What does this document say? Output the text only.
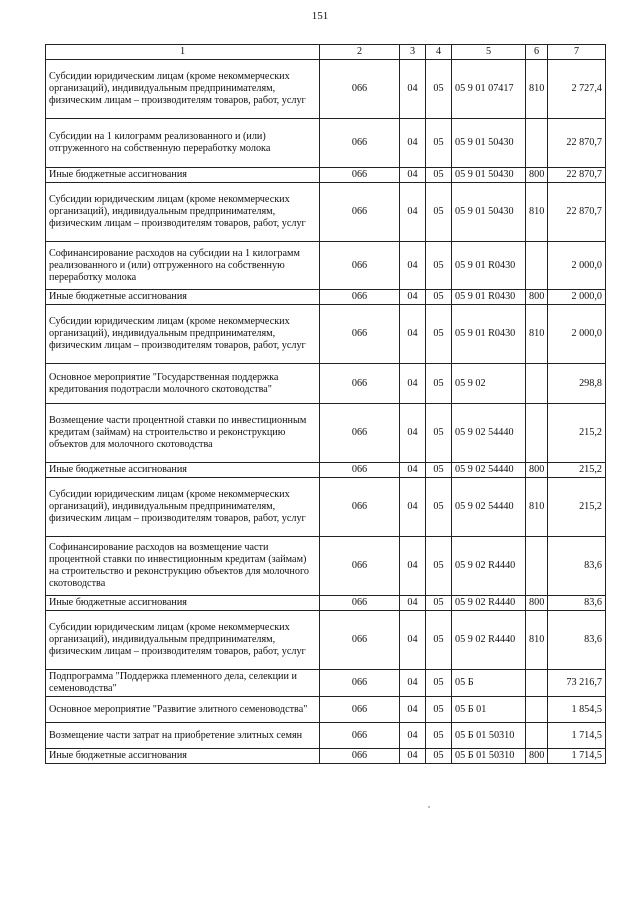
151
1	2	3	4	5	6	7
Субсидии юридическим лицам (кроме некоммерческих организаций), индивидуальным предпринимателям, физическим лицам – производителям товаров, работ, услуг	066	04	05	05 9 01 07417	810	2 727,4
Субсидии на 1 килограмм реализованного и (или) отгруженного на собственную переработку молока	066	04	05	05 9 01 50430		22 870,7
Иные бюджетные ассигнования	066	04	05	05 9 01 50430	800	22 870,7
Субсидии юридическим лицам (кроме некоммерческих организаций), индивидуальным предпринимателям, физическим лицам – производителям товаров, работ, услуг	066	04	05	05 9 01 50430	810	22 870,7
Софинансирование расходов на субсидии на 1 килограмм реализованного и (или) отгруженного на собственную переработку молока	066	04	05	05 9 01 R0430		2 000,0
Иные бюджетные ассигнования	066	04	05	05 9 01 R0430	800	2 000,0
Субсидии юридическим лицам (кроме некоммерческих организаций), индивидуальным предпринимателям, физическим лицам – производителям товаров, работ, услуг	066	04	05	05 9 01 R0430	810	2 000,0
Основное мероприятие "Государственная поддержка кредитования подотрасли молочного скотоводства"	066	04	05	05 9 02		298,8
Возмещение части процентной ставки по инвестиционным кредитам (займам) на строительство и реконструкцию объектов для молочного скотоводства	066	04	05	05 9 02 54440		215,2
Иные бюджетные ассигнования	066	04	05	05 9 02 54440	800	215,2
Субсидии юридическим лицам (кроме некоммерческих организаций), индивидуальным предпринимателям, физическим лицам – производителям товаров, работ, услуг	066	04	05	05 9 02 54440	810	215,2
Софинансирование расходов на возмещение части процентной ставки по инвестиционным кредитам (займам) на строительство и реконструкцию объектов для молочного скотоводства	066	04	05	05 9 02 R4440		83,6
Иные бюджетные ассигнования	066	04	05	05 9 02 R4440	800	83,6
Субсидии юридическим лицам (кроме некоммерческих организаций), индивидуальным предпринимателям, физическим лицам – производителям товаров, работ, услуг	066	04	05	05 9 02 R4440	810	83,6
Подпрограмма "Поддержка племенного дела, селекции и семеноводства"	066	04	05	05 Б		73 216,7
Основное мероприятие "Развитие элитного семеноводства"	066	04	05	05 Б 01		1 854,5
Возмещение части затрат на приобретение элитных семян	066	04	05	05 Б 01 50310		1 714,5
Иные бюджетные ассигнования	066	04	05	05 Б 01 50310	800	1 714,5
